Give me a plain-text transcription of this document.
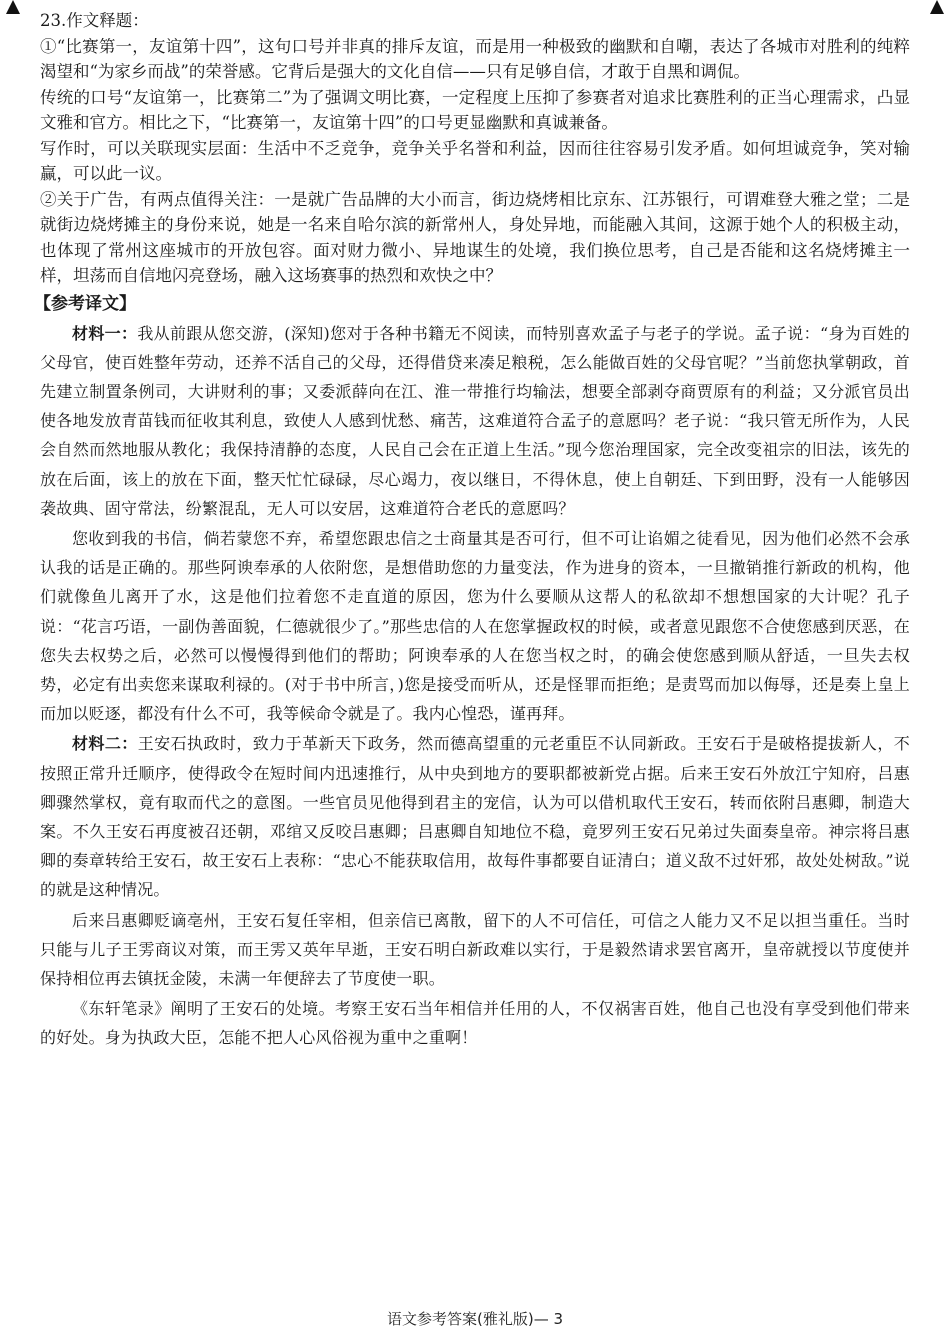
23.作文释题：

①“比赛第一，友谊第十四”，这句口号并非真的排斥友谊，而是用一种极致的幽默和自嘲，表达了各城市对胜利的纯粹渴望和“为家乡而战”的荣誉感。它背后是强大的文化自信——只有足够自信，才敢于自黑和调侃。

传统的口号“友谊第一，比赛第二”为了强调文明比赛，一定程度上压抑了参赛者对追求比赛胜利的正当心理需求，凸显文雅和官方。相比之下，“比赛第一，友谊第十四”的口号更显幽默和真诚兼备。

写作时，可以关联现实层面：生活中不乏竞争，竞争关乎名誉和利益，因而往往容易引发矛盾。如何坦诚竞争，笑对输赢，可以此一议。

②关于广告，有两点值得关注：一是就广告品牌的大小而言，街边烧烤相比京东、江苏银行，可谓难登大雅之堂；二是就街边烧烤摊主的身份来说，她是一名来自哈尔滨的新常州人，身处异地，而能融入其间，这源于她个人的积极主动，也体现了常州这座城市的开放包容。面对财力微小、异地谋生的处境，我们换位思考，自己是否能和这名烧烤摊主一样，坦荡而自信地闪亮登场，融入这场赛事的热烈和欢快之中？

【参考译文】

材料一：我从前跟从您交游，(深知)您对于各种书籍无不阅读，而特别喜欢孟子与老子的学说。孟子说：“身为百姓的父母官，使百姓整年劳动，还养不活自己的父母，还得借贷来凑足粮税，怎么能做百姓的父母官呢？”当前您执掌朝政，首先建立制置条例司，大讲财利的事；又委派薛向在江、淮一带推行均输法，想要全部剥夺商贾原有的利益；又分派官员出使各地发放青苗钱而征收其利息，致使人人感到忧愁、痛苦，这难道符合孟子的意愿吗？老子说：“我只管无所作为，人民会自然而然地服从教化；我保持清静的态度，人民自己会在正道上生活。”现今您治理国家，完全改变祖宗的旧法，该先的放在后面，该上的放在下面，整天忙忙碌碌，尽心竭力，夜以继日，不得休息，使上自朝廷、下到田野，没有一人能够因袭故典、固守常法，纷繁混乱，无人可以安居，这难道符合老氏的意愿吗？

您收到我的书信，倘若蒙您不弃，希望您跟忠信之士商量其是否可行，但不可让谄媚之徒看见，因为他们必然不会承认我的话是正确的。那些阿谀奉承的人依附您，是想借助您的力量变法，作为进身的资本，一旦撤销推行新政的机构，他们就像鱼儿离开了水，这是他们拉着您不走直道的原因，您为什么要顺从这帮人的私欲却不想想国家的大计呢？孔子说：“花言巧语，一副伪善面貌，仁德就很少了。”那些忠信的人在您掌握政权的时候，或者意见跟您不合使您感到厌恶，在您失去权势之后，必然可以慢慢得到他们的帮助；阿谀奉承的人在您当权之时，的确会使您感到顺从舒适，一旦失去权势，必定有出卖您来谋取利禄的。(对于书中所言，)您是接受而听从，还是怪罪而拒绝；是责骂而加以侮辱，还是奏上皇上而加以贬逐，都没有什么不可，我等候命令就是了。我内心惶恐，谨再拜。

材料二：王安石执政时，致力于革新天下政务，然而德高望重的元老重臣不认同新政。王安石于是破格提拔新人，不按照正常升迁顺序，使得政令在短时间内迅速推行，从中央到地方的要职都被新党占据。后来王安石外放江宁知府，吕惠卿骤然掌权，竟有取而代之的意图。一些官员见他得到君主的宠信，认为可以借机取代王安石，转而依附吕惠卿，制造大案。不久王安石再度被召还朝，邓绾又反咬吕惠卿；吕惠卿自知地位不稳，竟罗列王安石兄弟过失面奏皇帝。神宗将吕惠卿的奏章转给王安石，故王安石上表称：“忠心不能获取信用，故每件事都要自证清白；道义敌不过奸邪，故处处树敌。”说的就是这种情况。

后来吕惠卿贬谪亳州，王安石复任宰相，但亲信已离散，留下的人不可信任，可信之人能力又不足以担当重任。当时只能与儿子王雱商议对策，而王雱又英年早逝，王安石明白新政难以实行，于是毅然请求罢官离开，皇帝就授以节度使并保持相位再去镇抚金陵，未满一年便辞去了节度使一职。

《东轩笔录》阐明了王安石的处境。考察王安石当年相信并任用的人，不仅祸害百姓，他自己也没有享受到他们带来的好处。身为执政大臣，怎能不把人心风俗视为重中之重啊！

语文参考答案(雅礼版)— 3
